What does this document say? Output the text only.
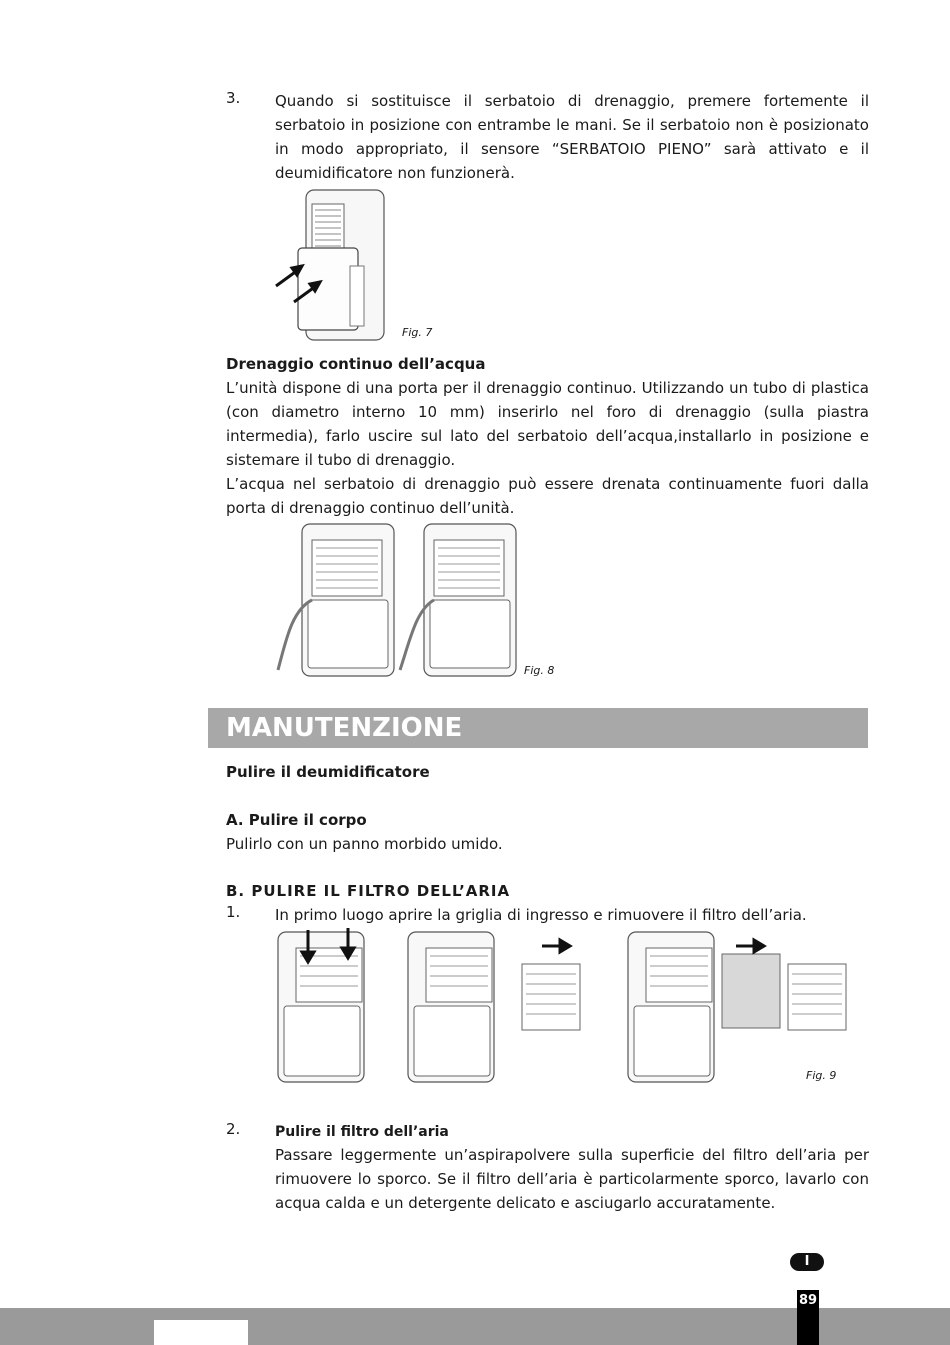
3. Quando si sostituisce il serbatoio di drenaggio, premere fortemente il serbatoio in posizione con entrambe le mani. Se il serbatoio non è posizionato in modo appropriato, il sensore “SERBATOIO PIENO” sarà attivato e il deumidificatore non funzionerà.
Fig. 7
Drenaggio continuo dell’acqua
L’unità dispone di una porta per il drenaggio continuo. Utilizzando un tubo di plastica (con diametro interno 10 mm) inserirlo nel foro di drenaggio (sulla piastra intermedia), farlo uscire sul lato del serbatoio dell’acqua,installarlo in posizione e sistemare il tubo di drenaggio.
L’acqua nel serbatoio di drenaggio può essere drenata continuamente fuori dalla porta di drenaggio continuo dell’unità.
Fig. 8
MANUTENZIONE
Pulire il deumidificatore
A. Pulire il corpo
Pulirlo con un panno morbido umido.
B. PULIRE IL FILTRO DELL’ARIA
1. In primo luogo aprire la griglia di ingresso e rimuovere il filtro dell’aria.
Fig. 9
2. Pulire il filtro dell’aria
Passare leggermente un’aspirapolvere sulla superficie del filtro dell’aria per rimuovere lo sporco. Se il filtro dell’aria è particolarmente sporco, lavarlo con acqua calda e un detergente delicato e asciugarlo accuratamente.
I
89
